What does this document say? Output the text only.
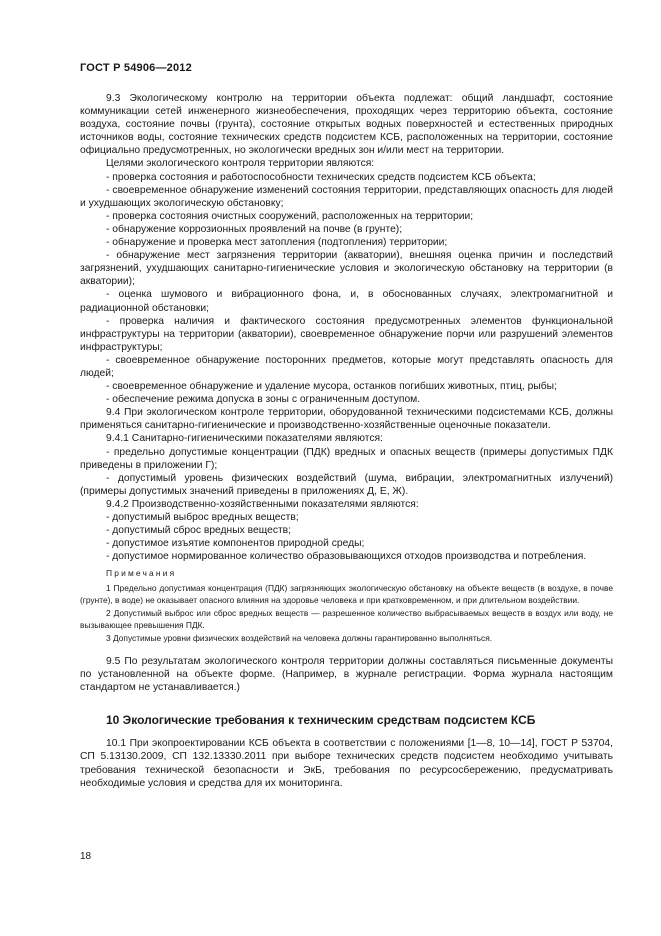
ГОСТ Р 54906—2012

9.3 Экологическому контролю на территории объекта подлежат: общий ландшафт, состояние коммуникации сетей инженерного жизнеобеспечения, проходящих через территорию объекта, состояние воздуха, состояние почвы (грунта), состояние открытых водных поверхностей и естественных природных источников воды, состояние технических средств подсистем КСБ, расположенных на территории, состояние официально предусмотренных, но экологически вредных зон и/или мест на территории.

Целями экологического контроля территории являются:

- проверка состояния и работоспособности технических средств подсистем КСБ объекта;

- своевременное обнаружение изменений состояния территории, представляющих опасность для людей и ухудшающих экологическую обстановку;

- проверка состояния очистных сооружений, расположенных на территории;

- обнаружение коррозионных проявлений на почве (в грунте);

- обнаружение и проверка мест затопления (подтопления) территории;

- обнаружение мест загрязнения территории (акватории), внешняя оценка причин и последствий загрязнений, ухудшающих санитарно-гигиенические условия и экологическую обстановку на территории (в акватории);

- оценка шумового и вибрационного фона, и, в обоснованных случаях, электромагнитной и радиационной обстановки;

- проверка наличия и фактического состояния предусмотренных элементов функциональной инфраструктуры на территории (акватории), своевременное обнаружение порчи или разрушений элементов инфраструктуры;

- своевременное обнаружение посторонних предметов, которые могут представлять опасность для людей;

- своевременное обнаружение и удаление мусора, останков погибших животных, птиц, рыбы;

- обеспечение режима допуска в зоны с ограниченным доступом.

9.4 При экологическом контроле территории, оборудованной техническими подсистемами КСБ, должны применяться санитарно-гигиенические и производственно-хозяйственные оценочные показатели.

9.4.1 Санитарно-гигиеническими показателями являются:

- предельно допустимые концентрации (ПДК) вредных и опасных веществ (примеры допустимых ПДК приведены в приложении Г);

- допустимый уровень физических воздействий (шума, вибрации, электромагнитных излучений) (примеры допустимых значений приведены в приложениях Д, Е, Ж).

9.4.2 Производственно-хозяйственными показателями являются:

- допустимый выброс вредных веществ;

- допустимый сброс вредных веществ;

- допустимое изъятие компонентов природной среды;

- допустимое нормированное количество образовывающихся отходов производства и потребления.

Примечания

1 Предельно допустимая концентрация (ПДК) загрязняющих экологическую обстановку на объекте веществ (в воздухе, в почве (грунте), в воде) не оказывает опасного влияния на здоровье человека и при кратковременном, и при длительном воздействии.

2 Допустимый выброс или сброс вредных веществ — разрешенное количество выбрасываемых веществ в воздух или воду, не вызывающее превышения ПДК.

3 Допустимые уровни физических воздействий на человека должны гарантированно выполняться.

9.5 По результатам экологического контроля территории должны составляться письменные документы по установленной на объекте форме. (Например, в журнале регистрации. Форма журнала настоящим стандартом не устанавливается.)

10 Экологические требования к техническим средствам подсистем КСБ

10.1 При экопроектировании КСБ объекта в соответствии с положениями [1—8, 10—14], ГОСТ Р 53704, СП 5.13130.2009, СП 132.13330.2011 при выборе технических средств подсистем необходимо учитывать требования технической безопасности и ЭкБ, требования по ресурсосбережению, предусматривать необходимые условия и средства для их мониторинга.

18
